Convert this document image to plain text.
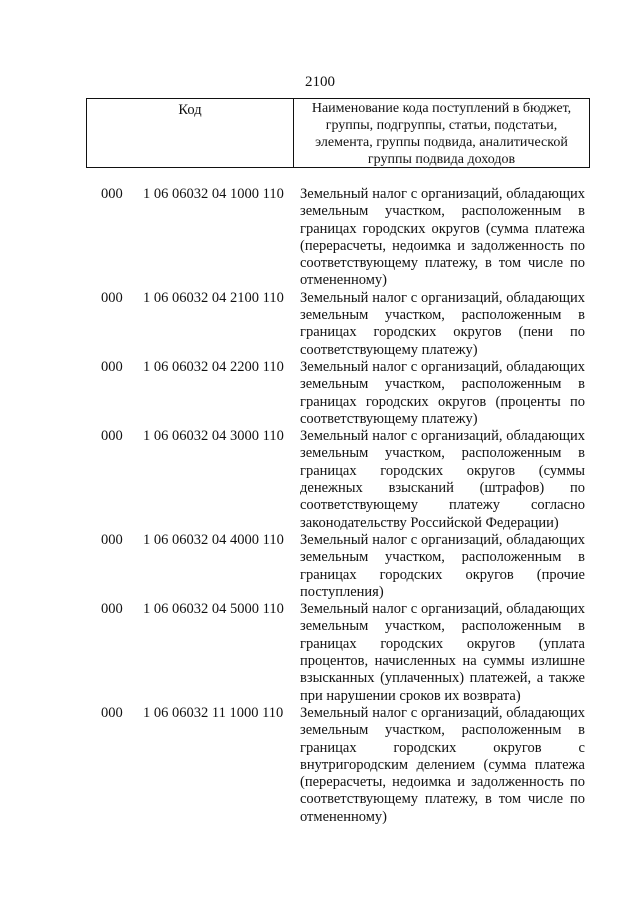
2100
Код	Наименование кода поступлений в бюджет,
группы, подгруппы, статьи, подстатьи,
элемента, группы подвида, аналитической
группы подвида доходов
000 1 06 06032 04 1000 110 Земельный налог с организаций, обладающих
земельным участком, расположенным в
границах городских округов (сумма платежа
(перерасчеты, недоимка и задолженность по
соответствующему платежу, в том числе по
отмененному)
000 1 06 06032 04 2100 110 Земельный налог с организаций, обладающих
земельным участком, расположенным в
границах городских округов (пени по
соответствующему платежу)
000 1 06 06032 04 2200 110 Земельный налог с организаций, обладающих
земельным участком, расположенным в
границах городских округов (проценты по
соответствующему платежу)
000 1 06 06032 04 3000 110 Земельный налог с организаций, обладающих
земельным участком, расположенным в
границах городских округов (суммы
денежных взысканий (штрафов) по
соответствующему платежу согласно
законодательству Российской Федерации)
000 1 06 06032 04 4000 110 Земельный налог с организаций, обладающих
земельным участком, расположенным в
границах городских округов (прочие
поступления)
000 1 06 06032 04 5000 110 Земельный налог с организаций, обладающих
земельным участком, расположенным в
границах городских округов (уплата
процентов, начисленных на суммы излишне
взысканных (уплаченных) платежей, а также
при нарушении сроков их возврата)
000 1 06 06032 11 1000 110 Земельный налог с организаций, обладающих
земельным участком, расположенным в
границах городских округов с
внутригородским делением (сумма платежа
(перерасчеты, недоимка и задолженность по
соответствующему платежу, в том числе по
отмененному)
